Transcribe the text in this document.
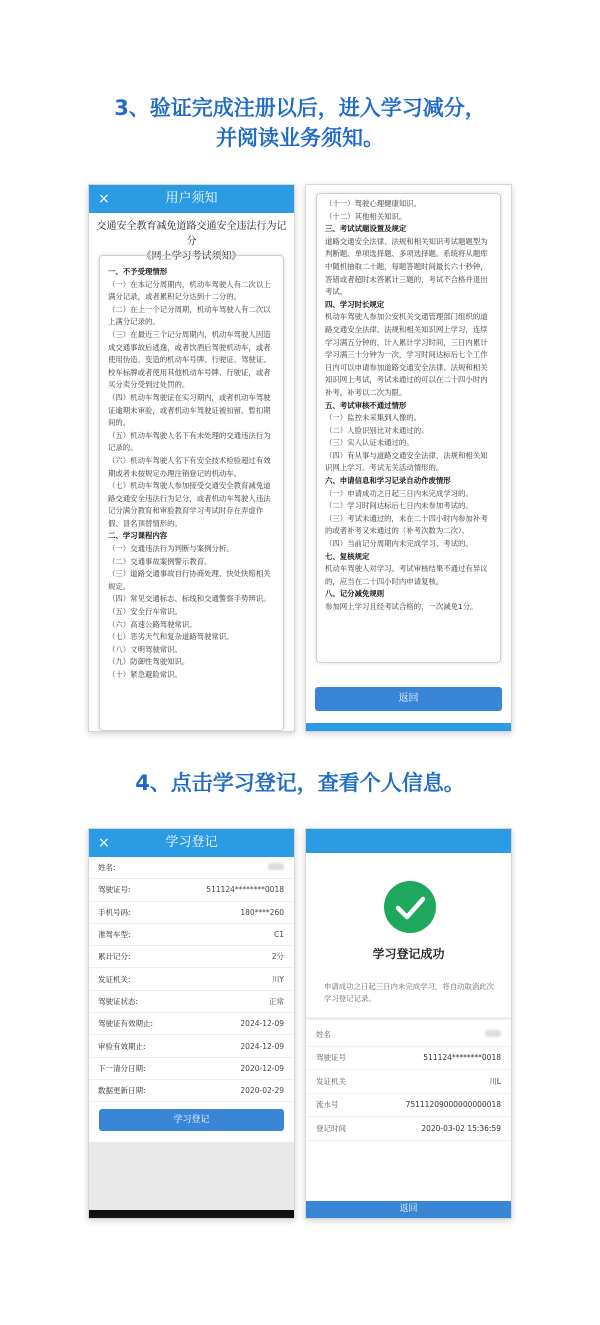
3、验证完成注册以后，进入学习减分，
并阅读业务须知。
×	用户须知
交通安全教育减免道路交通安全违法行为记分
《网上学习考试须知》
一、不予受理情形
（一）在本记分周期内，机动车驾驶人有二次以上
满分记录，或者累积记分达到十二分的。
（二）在上一个记分周期，机动车驾驶人有二次以
上满分记录的。
（三）在最近三个记分周期内，机动车驾驶人因造
成交通事故后逃逸，或者饮酒后驾驶机动车，或者
使用伪造、变造的机动车号牌、行驶证、驾驶证、
校车标牌或者使用其他机动车号牌、行驶证，或者
买分卖分受到过处罚的。
（四）机动车驾驶证在实习期内，或者机动车驾驶
证逾期未审验，或者机动车驾驶证被扣留、暂扣期
间的。
（五）机动车驾驶人名下有未处理的交通违法行为
记录的。
（六）机动车驾驶人名下有安全技术检验超过有效
期或者未按规定办理注销登记的机动车。
（七）机动车驾驶人参加接受交通安全教育减免道
路交通安全违法行为记分，或者机动车驾驶人违法
记分满分教育和审验教育学习考试时存在弄虚作
假、冒名顶替情形的。
二、学习课程内容
（一）交通违法行为判断与案例分析。
（二）交通事故案例警示教育。
（三）道路交通事故自行协商处理、快处快赔相关
规定。
（四）常见交通标志、标线和交通警察手势辨识。
（五）安全行车常识。
（六）高速公路驾驶常识。
（七）恶劣天气和复杂道路驾驶常识。
（八）文明驾驶常识。
（九）防御性驾驶知识。
（十）紧急避险常识。
（十一）驾驶心理健康知识。
（十二）其他相关知识。
三、考试试题设置及规定
道路交通安全法律、法规和相关知识考试题题型为
判断题、单项选择题、多项选择题。系统将从题库
中随机抽取二十题，每题答题时间最长六十秒钟，
答错或者超时未答累计三题的，考试不合格并退出
考试。
四、学习时长规定
机动车驾驶人参加公安机关交通管理部门组织的道
路交通安全法律、法规和相关知识网上学习，连续
学习满五分钟的，计入累计学习时间，三日内累计
学习满三十分钟为一次，学习时间达标后七个工作
日内可以申请参加道路交通安全法律、法规和相关
知识网上考试，考试未通过的可以在二十四小时内
补考，补考以二次为限。
五、考试审核不通过情形
（一）监控未采集到人像的。
（二）人脸识别比对未通过的。
（三）实人认证未通过的。
（四）有从事与道路交通安全法律、法规和相关知
识网上学习、考试无关活动情形的。
六、申请信息和学习记录自动作废情形
（一）申请成功之日起三日内未完成学习的。
（二）学习时间达标后七日内未参加考试的。
（三）考试未通过的，未在二十四小时内参加补考
的或者补考又未通过的（补考次数为二次）。
（四）当前记分周期内未完成学习、考试的。
七、复核规定
机动车驾驶人对学习、考试审核结果不通过有异议
的，应当在二十四小时内申请复核。
八、记分减免规则
参加网上学习且经考试合格的，一次减免1分。
返回
4、点击学习登记，查看个人信息。
×	学习登记
姓名:
驾驶证号:	511124********0018
手机号码:	180****260
准驾车型:	C1
累计记分:	2分
发证机关:	川Y
驾驶证状态:	正常
驾驶证有效期止:	2024-12-09
审验有效期止:	2024-12-09
下一清分日期:	2020-12-09
数据更新日期:	2020-02-29
学习登记
学习登记成功
申请成功之日起三日内未完成学习，将自动取消此次学习登记记录。
姓名
驾驶证号	511124********0018
发证机关	川L
流水号	75111209000000000018
登记时间	2020-03-02 15:36:59
返回
